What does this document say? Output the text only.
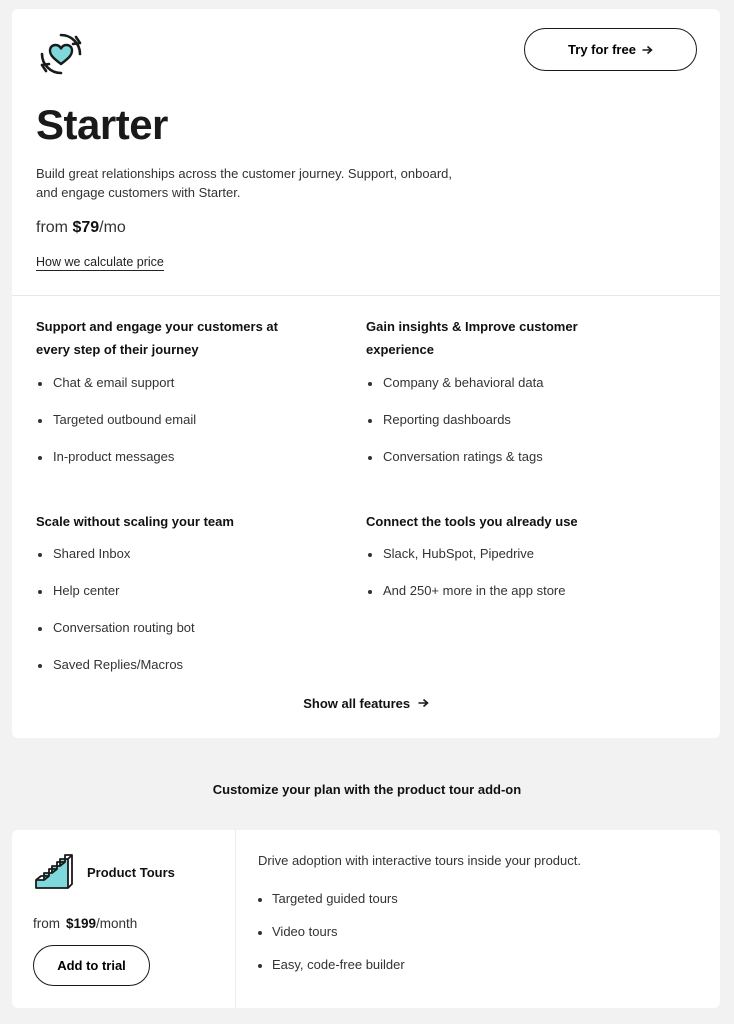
Try for free
Starter

Build great relationships across the customer journey. Support, onboard, and engage customers with Starter.

from $79/mo
How we calculate price
Support and engage your customers at every step of their journey
Chat & email support
Targeted outbound email
In-product messages
Gain insights & Improve customer experience
Company & behavioral data
Reporting dashboards
Conversation ratings & tags
Scale without scaling your team
Shared Inbox
Help center
Conversation routing bot
Saved Replies/Macros
Connect the tools you already use
Slack, HubSpot, Pipedrive
And 250+ more in the app store
Show all features
Customize your plan with the product tour add-on
Product Tours
from $199/month
Add to trial
Drive adoption with interactive tours inside your product.
Targeted guided tours
Video tours
Easy, code-free builder
